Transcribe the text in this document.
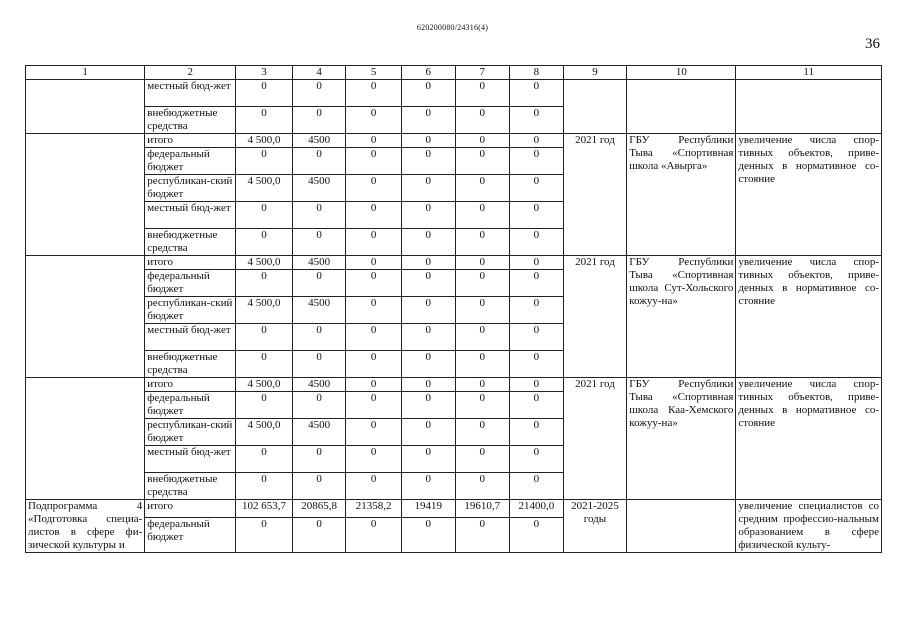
620200080/24316(4)
36
1	2	3	4	5	6	7	8	9	10	11
	местный бюд-жет	0	0	0	0	0	0			
	внебюджетные средства	0	0	0	0	0	0			
	итого	4 500,0	4500	0	0	0	0	2021 год	ГБУ Республики Тыва «Спортивная школа «Авырга»	увеличение числа спор-тивных объектов, приве-денных в нормативное со-стояние
	федеральный бюджет	0	0	0	0	0	0			
	республикан-ский бюджет	4 500,0	4500	0	0	0	0			
	местный бюд-жет	0	0	0	0	0	0			
	внебюджетные средства	0	0	0	0	0	0			
	итого	4 500,0	4500	0	0	0	0	2021 год	ГБУ Республики Тыва «Спортивная школа Сут-Хольского кожуу-на»	увеличение числа спор-тивных объектов, приве-денных в нормативное со-стояние
	федеральный бюджет	0	0	0	0	0	0			
	республикан-ский бюджет	4 500,0	4500	0	0	0	0			
	местный бюд-жет	0	0	0	0	0	0			
	внебюджетные средства	0	0	0	0	0	0			
	итого	4 500,0	4500	0	0	0	0	2021 год	ГБУ Республики Тыва «Спортивная школа Каа-Хемского кожуу-на»	увеличение числа спор-тивных объектов, приве-денных в нормативное со-стояние
	федеральный бюджет	0	0	0	0	0	0			
	республикан-ский бюджет	4 500,0	4500	0	0	0	0			
	местный бюд-жет	0	0	0	0	0	0			
	внебюджетные средства	0	0	0	0	0	0			
Подпрограмма 4 «Подготовка специа-листов в сфере фи-зической культуры и	итого	102 653,7	20865,8	21358,2	19419	19610,7	21400,0	2021-2025 годы		увеличение специалистов со средним профессио-нальным образованием в сфере физической культу-
	федеральный бюджет	0	0	0	0	0	0			
